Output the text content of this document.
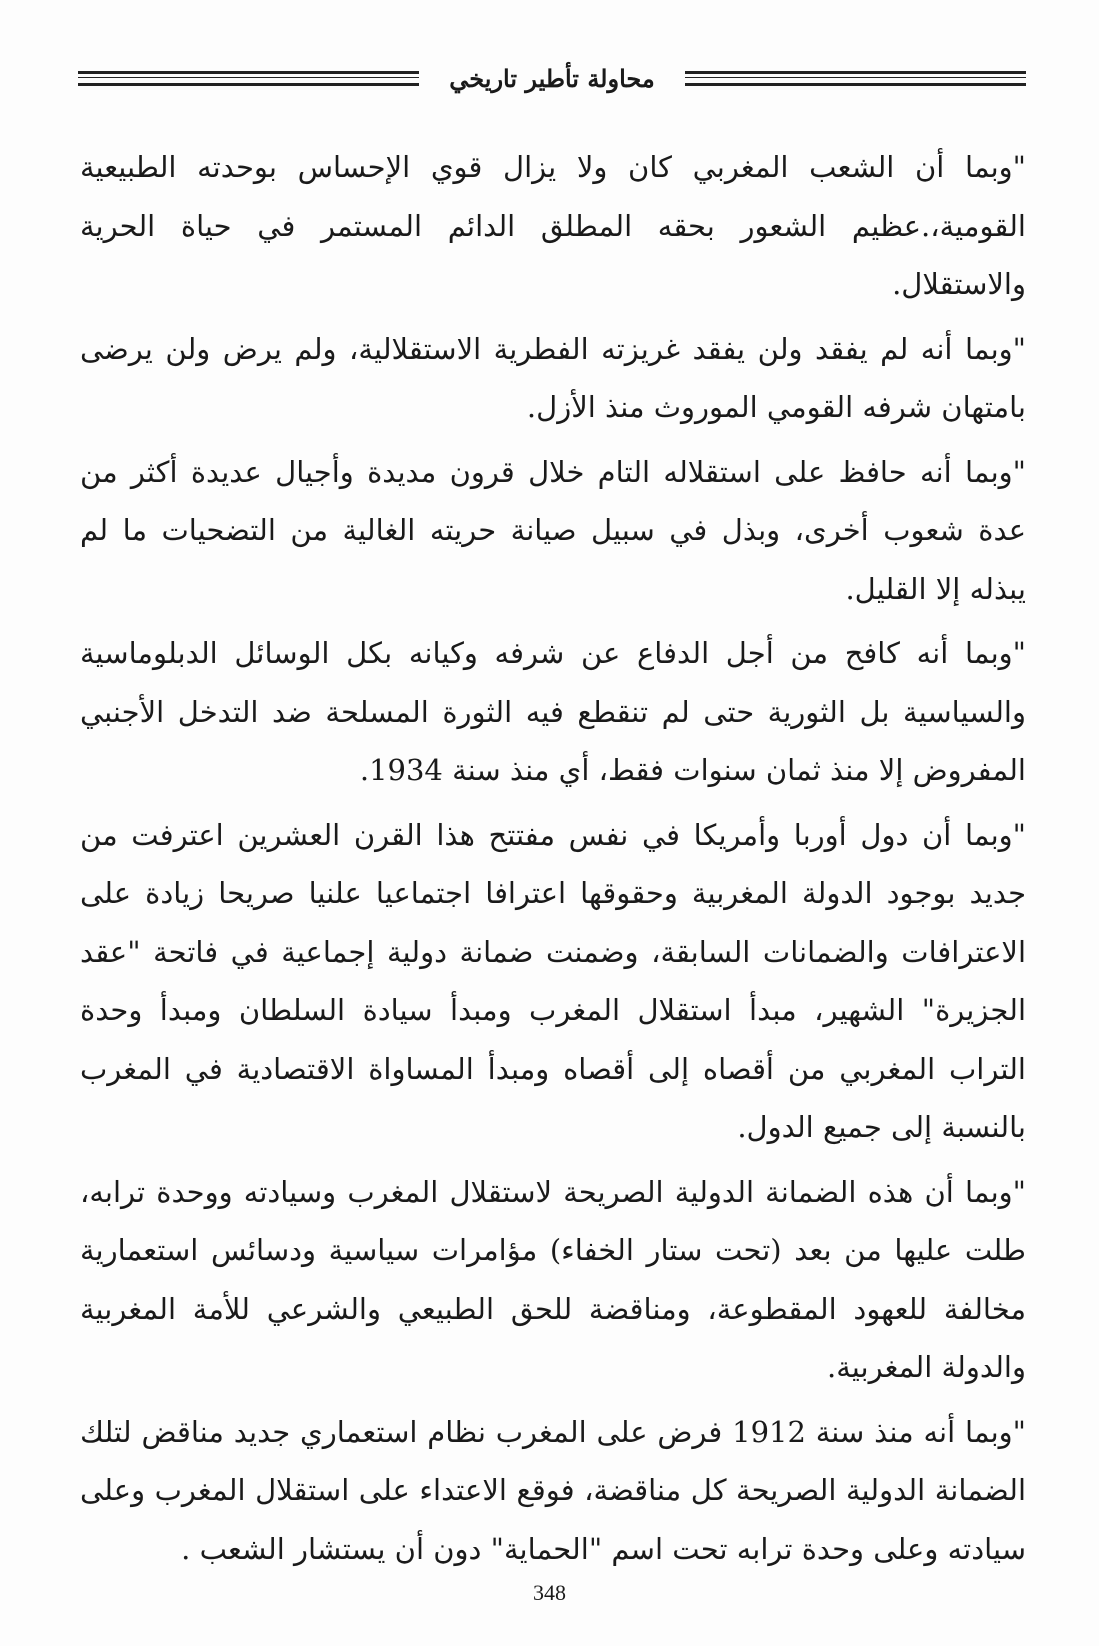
محاولة تأطير تاريخي

"وبما أن الشعب المغربي كان ولا يزال قوي الإحساس بوحدته الطبيعية القومية،.عظيم الشعور بحقه المطلق الدائم المستمر في حياة الحرية والاستقلال.

"وبما أنه لم يفقد ولن يفقد غريزته الفطرية الاستقلالية، ولم يرض ولن يرضى بامتهان شرفه القومي الموروث منذ الأزل.

"وبما أنه حافظ على استقلاله التام خلال قرون مديدة وأجيال عديدة أكثر من عدة شعوب أخرى، وبذل في سبيل صيانة حريته الغالية من التضحيات ما لم يبذله إلا القليل.

"وبما أنه كافح من أجل الدفاع عن شرفه وكيانه بكل الوسائل الدبلوماسية والسياسية بل الثورية حتى لم تنقطع فيه الثورة المسلحة ضد التدخل الأجنبي المفروض إلا منذ ثمان سنوات فقط، أي منذ سنة 1934.

"وبما أن دول أوربا وأمريكا في نفس مفتتح هذا القرن العشرين اعترفت من جديد بوجود الدولة المغربية وحقوقها اعترافا اجتماعيا علنيا صريحا زيادة على الاعترافات والضمانات السابقة، وضمنت ضمانة دولية إجماعية في فاتحة "عقد الجزيرة" الشهير، مبدأ استقلال المغرب ومبدأ سيادة السلطان ومبدأ وحدة التراب المغربي من أقصاه إلى أقصاه ومبدأ المساواة الاقتصادية في المغرب بالنسبة إلى جميع الدول.

"وبما أن هذه الضمانة الدولية الصريحة لاستقلال المغرب وسيادته ووحدة ترابه، طلت عليها من بعد (تحت ستار الخفاء) مؤامرات سياسية ودسائس استعمارية مخالفة للعهود المقطوعة، ومناقضة للحق الطبيعي والشرعي للأمة المغربية والدولة المغربية.

"وبما أنه منذ سنة 1912 فرض على المغرب نظام استعماري جديد مناقض لتلك الضمانة الدولية الصريحة كل مناقضة، فوقع الاعتداء على استقلال المغرب وعلى سيادته وعلى وحدة ترابه تحت اسم "الحماية" دون أن يستشار الشعب .

348
